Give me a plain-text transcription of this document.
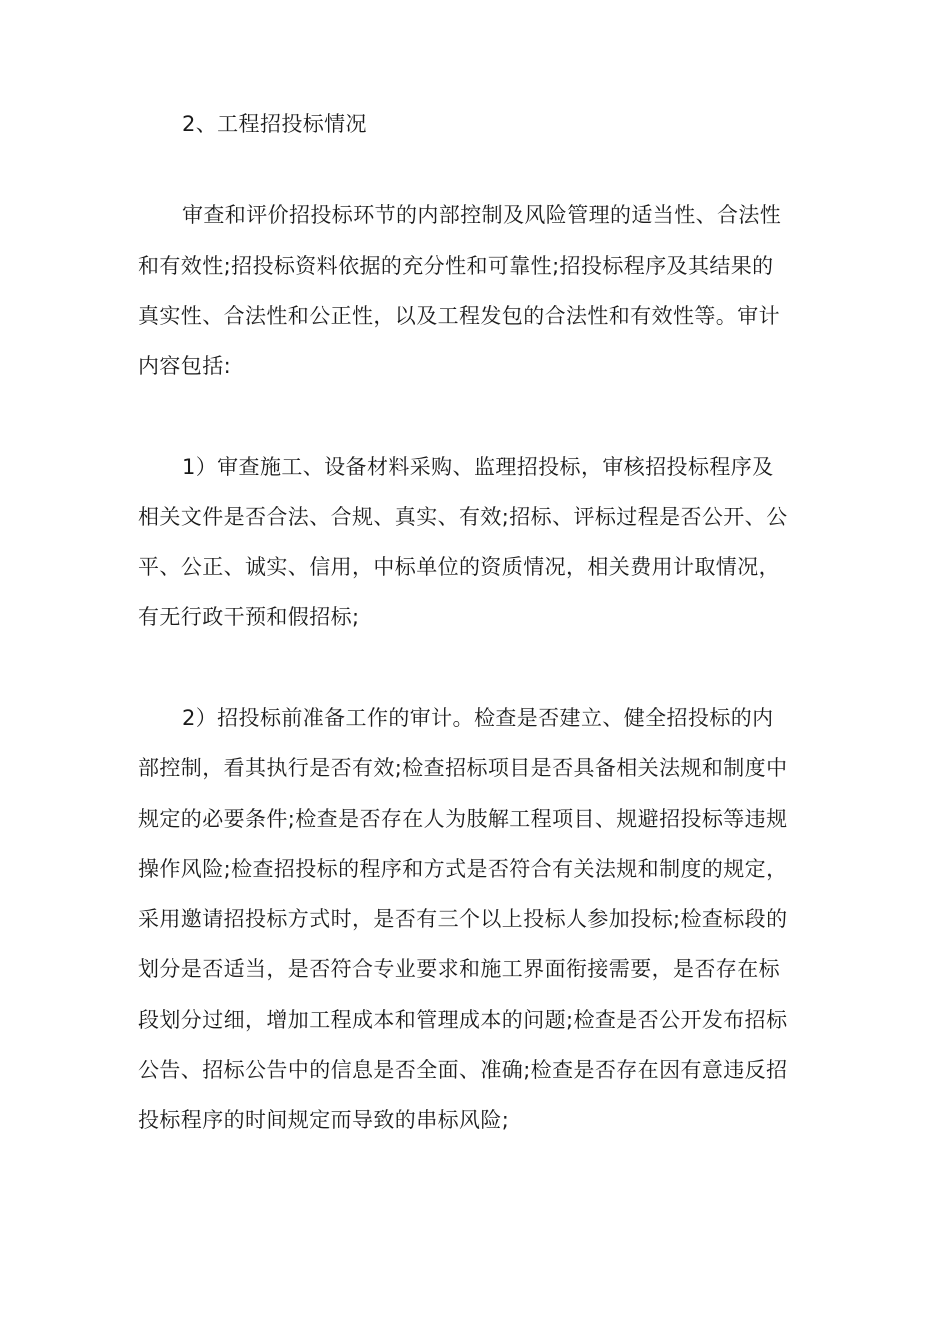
2、工程招投标情况
审查和评价招投标环节的内部控制及风险管理的适当性、合法性
和有效性;招投标资料依据的充分性和可靠性;招投标程序及其结果的
真实性、合法性和公正性，以及工程发包的合法性和有效性等。审计
内容包括:
1）审查施工、设备材料采购、监理招投标，审核招投标程序及
相关文件是否合法、合规、真实、有效;招标、评标过程是否公开、公
平、公正、诚实、信用，中标单位的资质情况，相关费用计取情况，
有无行政干预和假招标;
2）招投标前准备工作的审计。检查是否建立、健全招投标的内
部控制，看其执行是否有效;检查招标项目是否具备相关法规和制度中
规定的必要条件;检查是否存在人为肢解工程项目、规避招投标等违规
操作风险;检查招投标的程序和方式是否符合有关法规和制度的规定，
采用邀请招投标方式时，是否有三个以上投标人参加投标;检查标段的
划分是否适当，是否符合专业要求和施工界面衔接需要，是否存在标
段划分过细，增加工程成本和管理成本的问题;检查是否公开发布招标
公告、招标公告中的信息是否全面、准确;检查是否存在因有意违反招
投标程序的时间规定而导致的串标风险;
